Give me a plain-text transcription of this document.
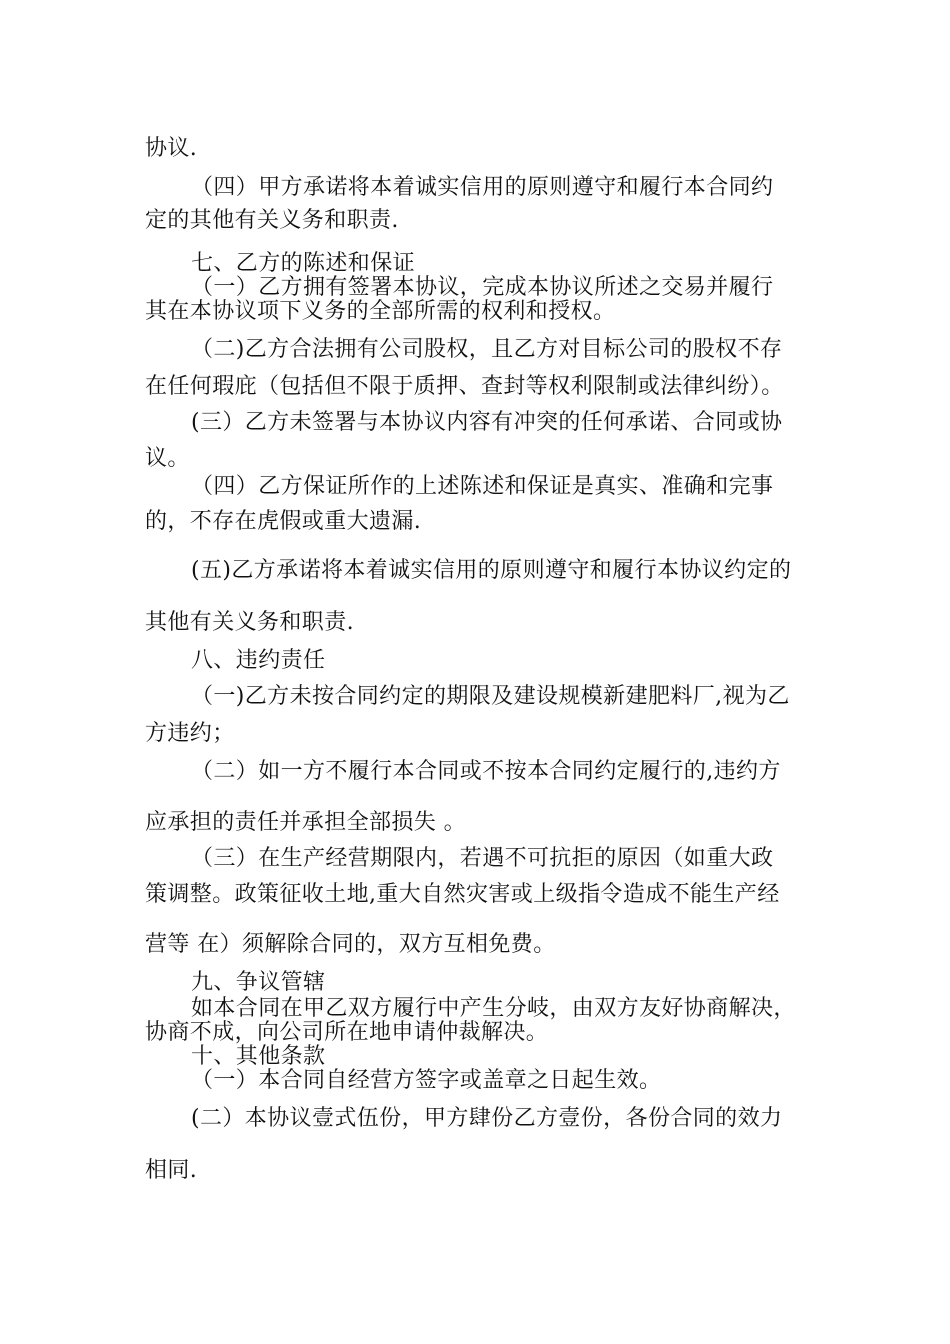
协议.
（四）甲方承诺将本着诚实信用的原则遵守和履行本合同约
定的其他有关义务和职责.
七、乙方的陈述和保证
（一）乙方拥有签署本协议，完成本协议所述之交易并履行
其在本协议项下义务的全部所需的权利和授权。
（二)乙方合法拥有公司股权，且乙方对目标公司的股权不存
在任何瑕庇（包括但不限于质押、查封等权利限制或法律纠纷）。
(三）乙方未签署与本协议内容有冲突的任何承诺、合同或协
议。
（四）乙方保证所作的上述陈述和保证是真实、准确和完事
的，不存在虎假或重大遗漏.
(五)乙方承诺将本着诚实信用的原则遵守和履行本协议约定的
其他有关义务和职责.
八、违约责任
（一)乙方未按合同约定的期限及建设规模新建肥料厂,视为乙
方违约；
（二）如一方不履行本合同或不按本合同约定履行的,违约方
应承担的责任并承担全部损失 。
（三）在生产经营期限内，若遇不可抗拒的原因（如重大政
策调整。政策征收土地,重大自然灾害或上级指令造成不能生产经
营等 在）须解除合同的，双方互相免费。
九、争议管辖
如本合同在甲乙双方履行中产生分岐，由双方友好协商解决，
协商不成，向公司所在地申请仲裁解决。
十、其他条款
（一）本合同自经营方签字或盖章之日起生效。
(二）本协议壹式伍份，甲方肆份乙方壹份，各份合同的效力
相同.
